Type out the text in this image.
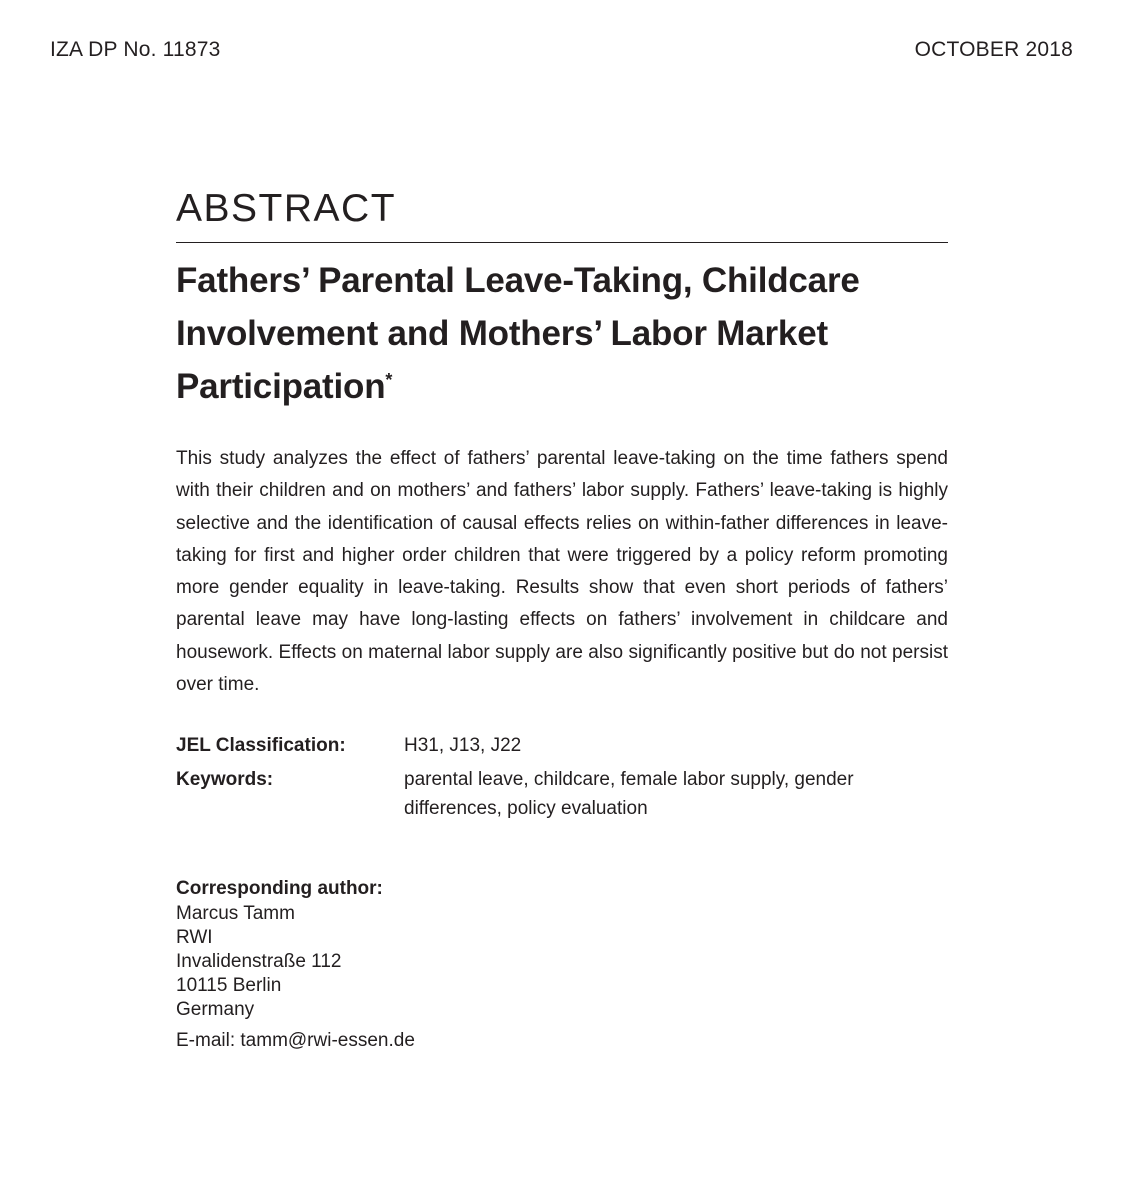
IZA DP No. 11873	OCTOBER 2018
ABSTRACT
Fathers’ Parental Leave-Taking, Childcare Involvement and Mothers’ Labor Market Participation*

This study analyzes the effect of fathers’ parental leave-taking on the time fathers spend with their children and on mothers’ and fathers’ labor supply. Fathers’ leave-taking is highly selective and the identification of causal effects relies on within-father differences in leave-taking for first and higher order children that were triggered by a policy reform promoting more gender equality in leave-taking. Results show that even short periods of fathers’ parental leave may have long-lasting effects on fathers’ involvement in childcare and housework. Effects on maternal labor supply are also significantly positive but do not persist over time.

JEL Classification:	H31, J13, J22
Keywords:	parental leave, childcare, female labor supply, gender differences, policy evaluation
Corresponding author:
Marcus Tamm
RWI
Invalidenstraße 112
10115 Berlin
Germany
E-mail: tamm@rwi-essen.de
